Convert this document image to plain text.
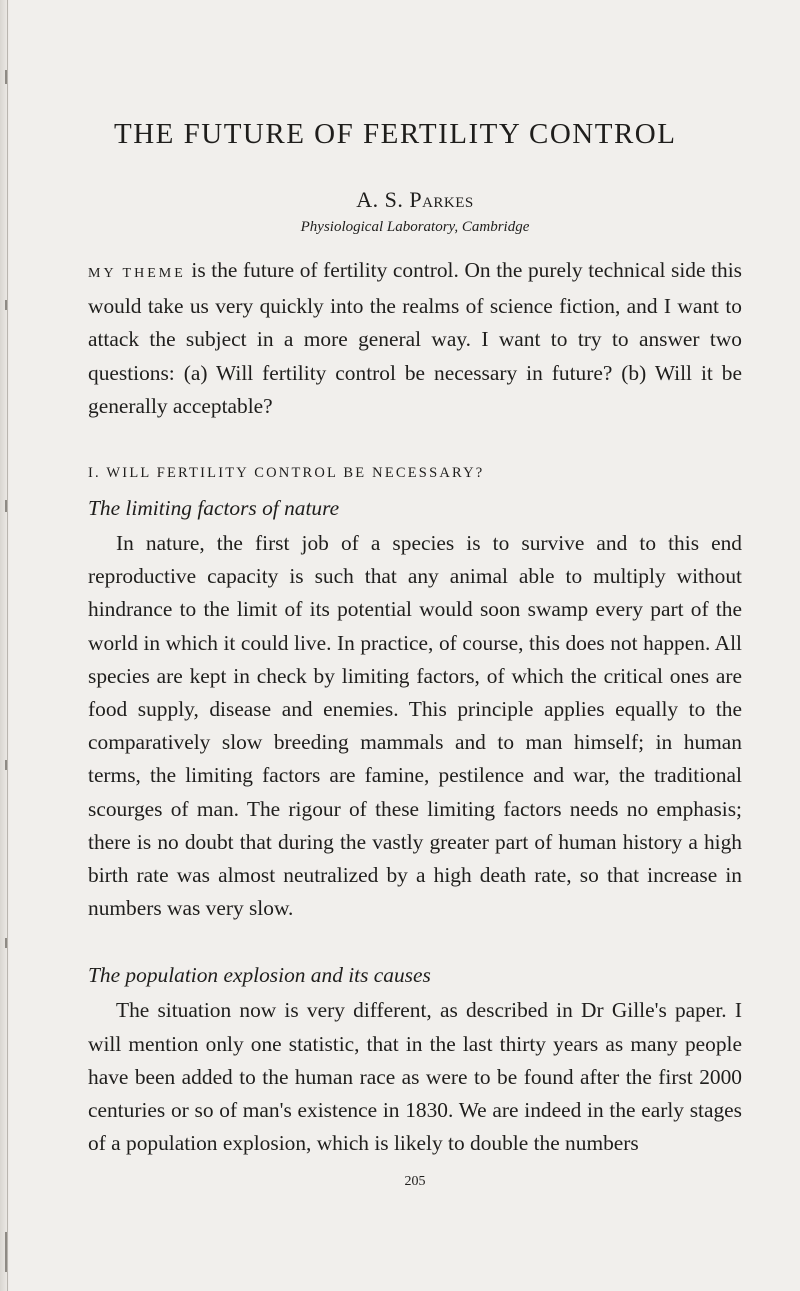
THE FUTURE OF FERTILITY CONTROL
A. S. Parkes
Physiological Laboratory, Cambridge

MY THEME is the future of fertility control. On the purely technical side this would take us very quickly into the realms of science fiction, and I want to attack the subject in a more general way. I want to try to answer two questions: (a) Will fertility control be necessary in future? (b) Will it be generally acceptable?

I. WILL FERTILITY CONTROL BE NECESSARY?
The limiting factors of nature

In nature, the first job of a species is to survive and to this end reproductive capacity is such that any animal able to multiply without hindrance to the limit of its potential would soon swamp every part of the world in which it could live. In practice, of course, this does not happen. All species are kept in check by limiting factors, of which the critical ones are food supply, disease and enemies. This principle applies equally to the comparatively slow breeding mammals and to man himself; in human terms, the limiting factors are famine, pestilence and war, the traditional scourges of man. The rigour of these limiting factors needs no emphasis; there is no doubt that during the vastly greater part of human history a high birth rate was almost neutralized by a high death rate, so that increase in numbers was very slow.

The population explosion and its causes

The situation now is very different, as described in Dr Gille's paper. I will mention only one statistic, that in the last thirty years as many people have been added to the human race as were to be found after the first 2000 centuries or so of man's existence in 1830. We are indeed in the early stages of a population explosion, which is likely to double the numbers

205
